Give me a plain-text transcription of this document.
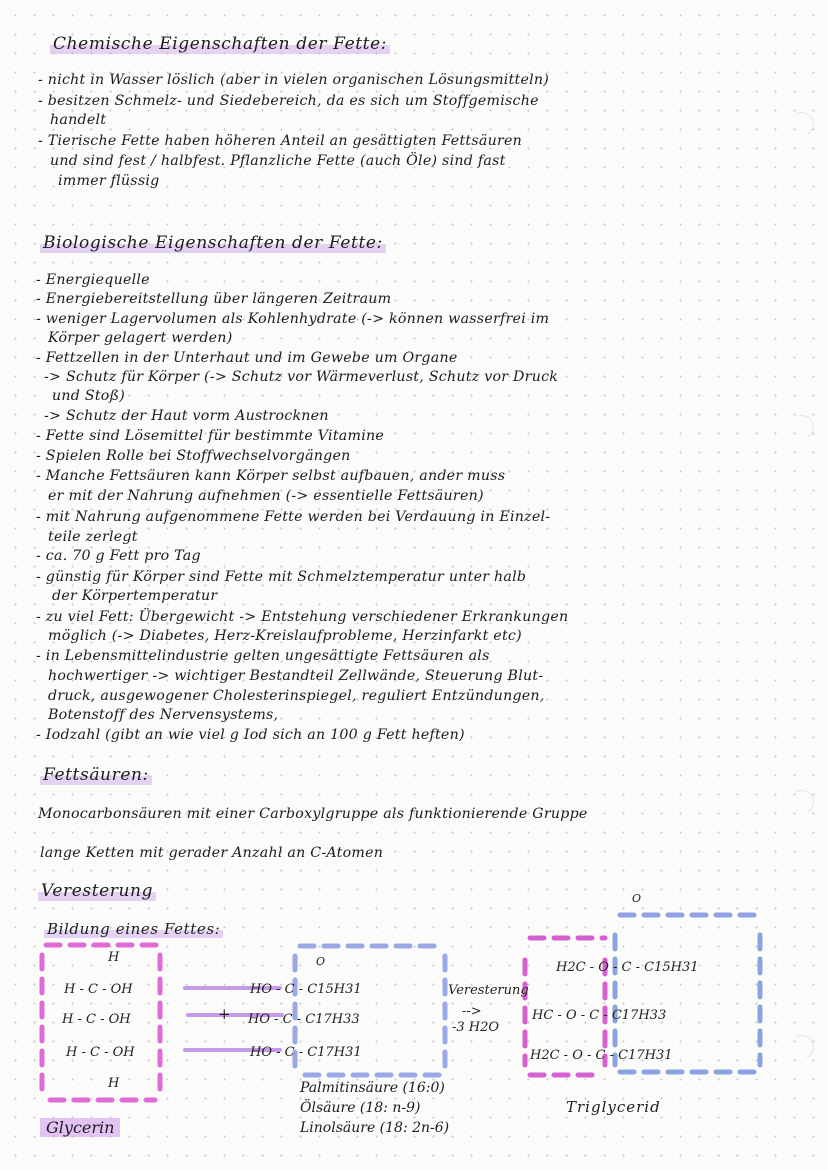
Chemische Eigenschaften der Fette:
- nicht in Wasser löslich (aber in vielen organischen Lösungsmitteln)
- besitzen Schmelz- und Siedebereich, da es sich um Stoffgemische
handelt
- Tierische Fette haben höheren Anteil an gesättigten Fettsäuren
und sind fest / halbfest. Pflanzliche Fette (auch Öle) sind fast
immer flüssig
Biologische Eigenschaften der Fette:
- Energiequelle
- Energiebereitstellung über längeren Zeitraum
- weniger Lagervolumen als Kohlenhydrate (-> können wasserfrei im
Körper gelagert werden)
- Fettzellen in der Unterhaut und im Gewebe um Organe
-> Schutz für Körper (-> Schutz vor Wärmeverlust, Schutz vor Druck
und Stoß)
-> Schutz der Haut vorm Austrocknen
- Fette sind Lösemittel für bestimmte Vitamine
- Spielen Rolle bei Stoffwechselvorgängen
- Manche Fettsäuren kann Körper selbst aufbauen, ander muss
er mit der Nahrung aufnehmen (-> essentielle Fettsäuren)
- mit Nahrung aufgenommene Fette werden bei Verdauung in Einzel-
teile zerlegt
- ca. 70 g Fett pro Tag
- günstig für Körper sind Fette mit Schmelztemperatur unter halb
der Körpertemperatur
- zu viel Fett: Übergewicht -> Entstehung verschiedener Erkrankungen
möglich (-> Diabetes, Herz-Kreislaufprobleme, Herzinfarkt etc)
- in Lebensmittelindustrie gelten ungesättigte Fettsäuren als
hochwertiger -> wichtiger Bestandteil Zellwände, Steuerung Blut-
druck, ausgewogener Cholesterinspiegel, reguliert Entzündungen,
Botenstoff des Nervensystems,
- Iodzahl (gibt an wie viel g Iod sich an 100 g Fett heften)
Fettsäuren:
Monocarbonsäuren mit einer Carboxylgruppe als funktionierende Gruppe
lange Ketten mit gerader Anzahl an C-Atomen
Veresterung
Bildung eines Fettes:
H
H - C - OH
H - C - OH
H - C - OH
H
Glycerin
+
O
HO - C - C15H31
HO - C - C17H33
HO - C - C17H31
Palmitinsäure (16:0)
Ölsäure (18: n-9)
Linolsäure (18: 2n-6)
Veresterung
-->
-3 H2O
O
H2C - O - C - C15H31
HC - O - C - C17H33
H2C - O - C - C17H31
Triglycerid
